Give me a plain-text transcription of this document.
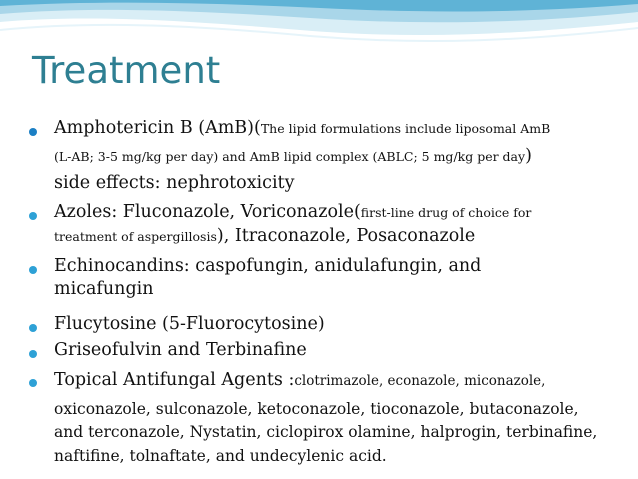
Treatment

Amphotericin B (AmB)(The lipid formulations include liposomal AmB

(L-AB; 3-5 mg/kg per day) and AmB lipid complex (ABLC; 5 mg/kg per day)

side effects: nephrotoxicity

Azoles: Fluconazole, Voriconazole(first-line drug of choice for

treatment of aspergillosis), Itraconazole, Posaconazole

Echinocandins: caspofungin, anidulafungin, and

micafungin

Flucytosine (5-Fluorocytosine)

Griseofulvin and Terbinafine

Topical Antifungal Agents :clotrimazole, econazole, miconazole,

oxiconazole, sulconazole, ketoconazole, tioconazole, butaconazole,

and terconazole, Nystatin, ciclopirox olamine, halprogin, terbinafine,

naftifine, tolnaftate, and undecylenic acid.
